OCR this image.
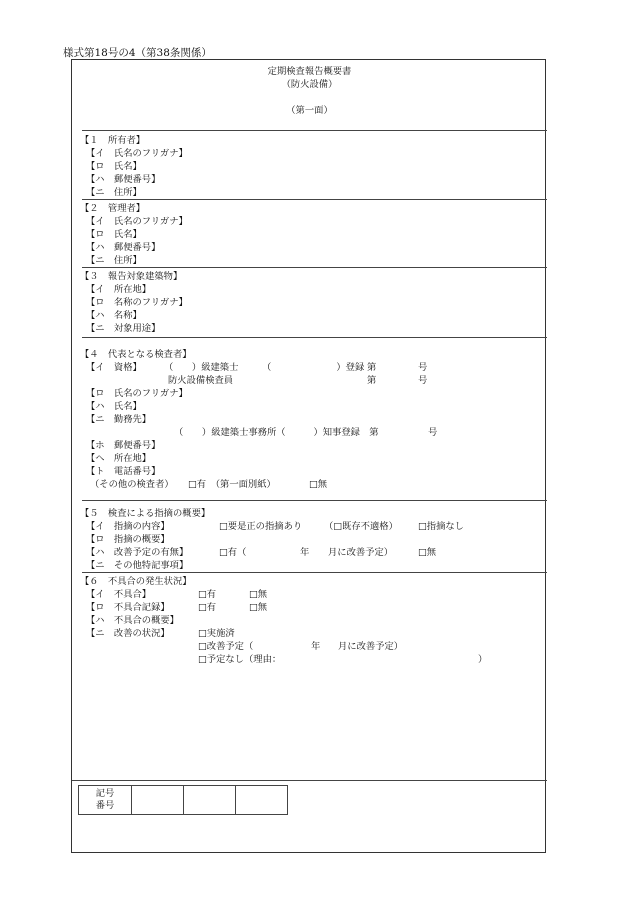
様式第18号の4（第38条関係）
定期検査報告概要書
（防火設備）
（第一面）
【１　所有者】
【イ　氏名のフリガナ】
【ロ　氏名】
【ハ　郵便番号】
【ニ　住所】
【２　管理者】
【イ　氏名のフリガナ】
【ロ　氏名】
【ハ　郵便番号】
【ニ　住所】
【３　報告対象建築物】
【イ　所在地】
【ロ　名称のフリガナ】
【ハ　名称】
【ニ　対象用途】
【４　代表となる検査者】
【イ　資格】 （　　）級建築士	（　　　　　　　）登録 第	号
防火設備検査員	第	号
【ロ　氏名のフリガナ】
【ハ　氏名】
【ニ　勤務先】
（　　）級建築士事務所（　　　）知事登録　第	号
【ホ　郵便番号】
【ヘ　所在地】
【ト　電話番号】
（その他の検査者） □有　（第一面別紙）	□無
【５　検査による指摘の概要】
【イ　指摘の内容】	□要是正の指摘あり （□既存不適格） □指摘なし
【ロ　指摘の概要】
【ハ　改善予定の有無】	□有（	年 月に改善予定）	□無
【ニ　その他特記事項】
【６　不具合の発生状況】
【イ　不具合】	□有	□無
【ロ　不具合記録】	□有	□無
【ハ　不具合の概要】
【ニ　改善の状況】	□実施済
□改善予定（	年 月に改善予定）
□予定なし（理由：	）
記号
番号
